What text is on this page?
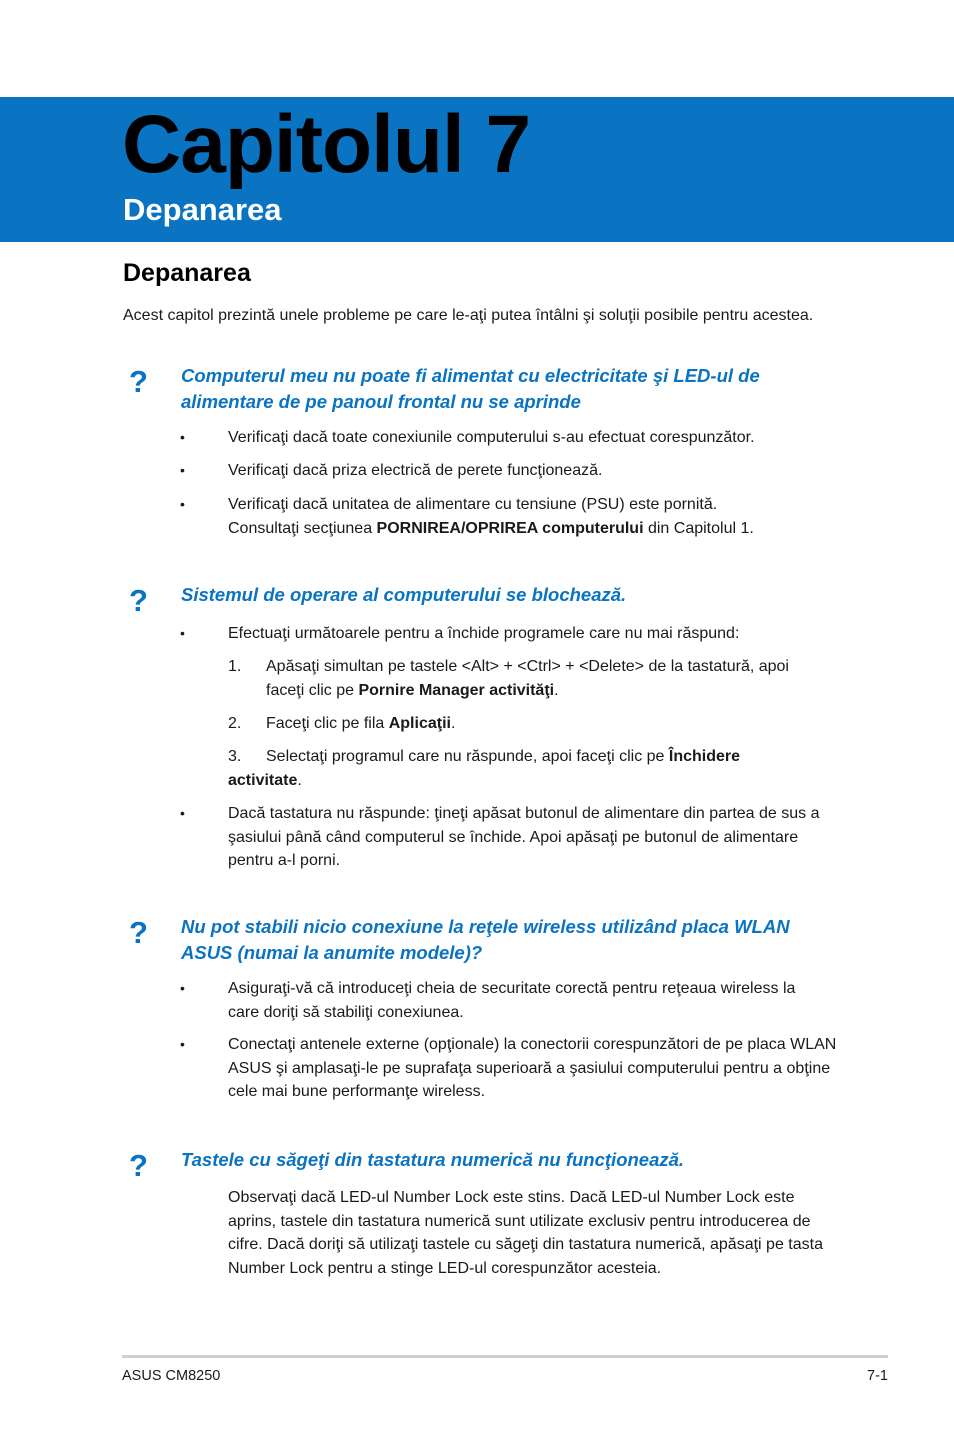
Capitolul 7
Depanarea
Depanarea

Acest capitol prezintă unele probleme pe care le-aţi putea întâlni şi soluţii posibile pentru acestea.

? Computerul meu nu poate fi alimentat cu electricitate şi LED-ul de alimentare de pe panoul frontal nu se aprinde

•	Verificaţi dacă toate conexiunile computerului s-au efectuat corespunzător.

•	Verificaţi dacă priza electrică de perete funcţionează.

•	Verificaţi dacă unitatea de alimentare cu tensiune (PSU) este pornită. Consultaţi secţiunea PORNIREA/OPRIREA computerului din Capitolul 1.

? Sistemul de operare al computerului se blochează.

•	Efectuaţi următoarele pentru a închide programele care nu mai răspund:

1. Apăsaţi simultan pe tastele <Alt> + <Ctrl> + <Delete> de la tastatură, apoi faceţi clic pe Pornire Manager activităţi.

2. Faceţi clic pe fila Aplicaţii.

3. Selectaţi programul care nu răspunde, apoi faceţi clic pe Închidere activitate.

•	Dacă tastatura nu răspunde: ţineţi apăsat butonul de alimentare din partea de sus a şasiului până când computerul se închide. Apoi apăsaţi pe butonul de alimentare pentru a-l porni.

? Nu pot stabili nicio conexiune la reţele wireless utilizând placa WLAN ASUS (numai la anumite modele)?

•	Asiguraţi-vă că introduceţi cheia de securitate corectă pentru reţeaua wireless la care doriţi să stabiliţi conexiunea.

•	Conectaţi antenele externe (opţionale) la conectorii corespunzători de pe placa WLAN ASUS şi amplasaţi-le pe suprafaţa superioară a şasiului computerului pentru a obţine cele mai bune performanţe wireless.

? Tastele cu săgeţi din tastatura numerică nu funcţionează.

Observaţi dacă LED-ul Number Lock este stins. Dacă LED-ul Number Lock este aprins, tastele din tastatura numerică sunt utilizate exclusiv pentru introducerea de cifre. Dacă doriţi să utilizaţi tastele cu săgeţi din tastatura numerică, apăsaţi pe tasta Number Lock pentru a stinge LED-ul corespunzător acesteia.

ASUS CM8250	7-1
